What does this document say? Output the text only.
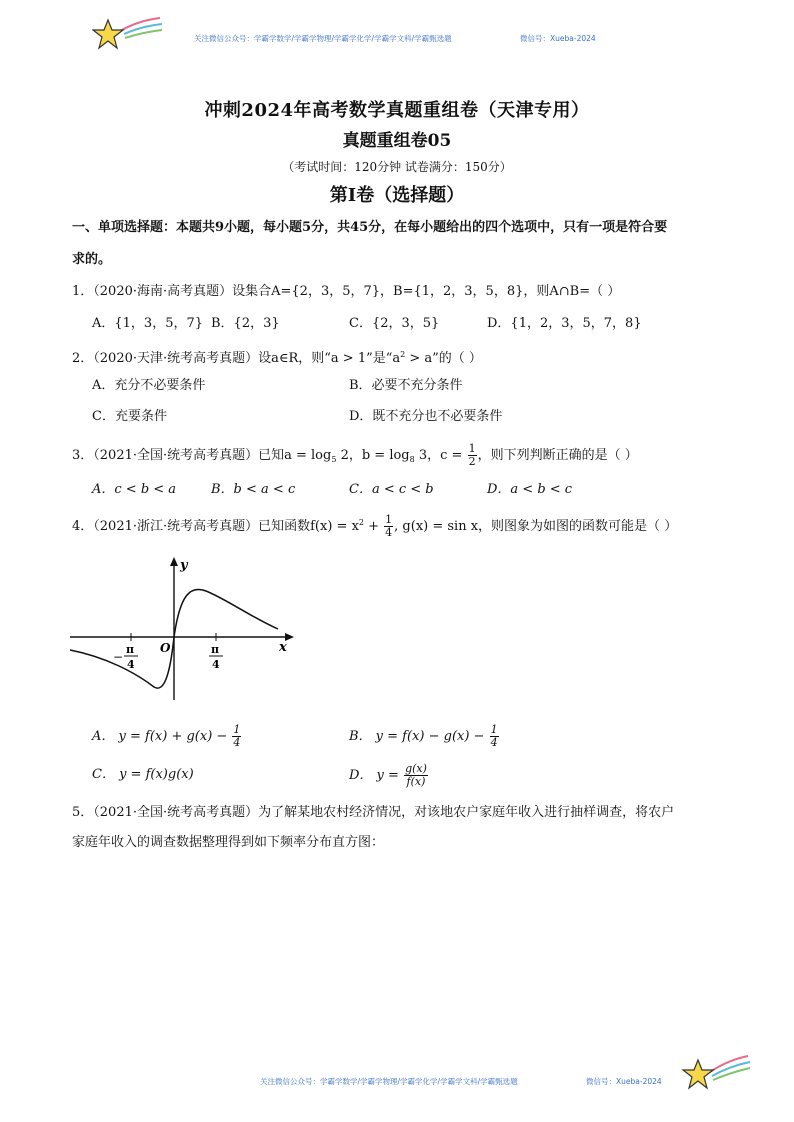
关注微信公众号：学霸学数学/学霸学物理/学霸学化学/学霸学文科/学霸甄选题	微信号：Xueba-2024
冲刺2024年高考数学真题重组卷（天津专用）
真题重组卷05
（考试时间：120分钟 试卷满分：150分）
第I卷（选择题）
一、单项选择题：本题共9小题，每小题5分，共45分，在每小题给出的四个选项中，只有一项是符合要
求的。
1．（2020·海南·高考真题）设集合A={2，3，5，7}，B={1，2，3，5，8}，则A∩B=（ ）
A．{1，3，5，7} B．{2，3}	C．{2，3，5}	D．{1，2，3，5，7，8}
2．（2020·天津·统考高考真题）设a∈R，则“a > 1”是“$a^2 > a$”的（ ）
A．充分不必要条件	B．必要不充分条件
C．充要条件	D．既不充分也不必要条件
3．（2021·全国·统考高考真题）已知$a = \log_5 2$，$b = \log_8 3$，$c = \frac{1}{2}$ ，则下列判断正确的是（ ）
A．c < b < a	B．b < a < c	C．a < c < b	D．a < b < c
4．（2021·浙江·统考高考真题）已知函数$f(x) = x^2 + \frac{1}{4}$ , g(x) = sin x，则图象为如图的函数可能是（ ）
y
x
O
−
π
4
π
4
A． $y = f(x) + g(x) - \frac{1}{4}$	B． $y = f(x) - g(x) - \frac{1}{4}$
C． y = f(x)g(x)	D． $y = \frac{g(x)}{f(x)}$
5．（2021·全国·统考高考真题）为了解某地农村经济情况，对该地农户家庭年收入进行抽样调查，将农户
家庭年收入的调查数据整理得到如下频率分布直方图：
关注微信公众号：学霸学数学/学霸学物理/学霸学化学/学霸学文科/学霸甄选题	微信号：Xueba-2024
